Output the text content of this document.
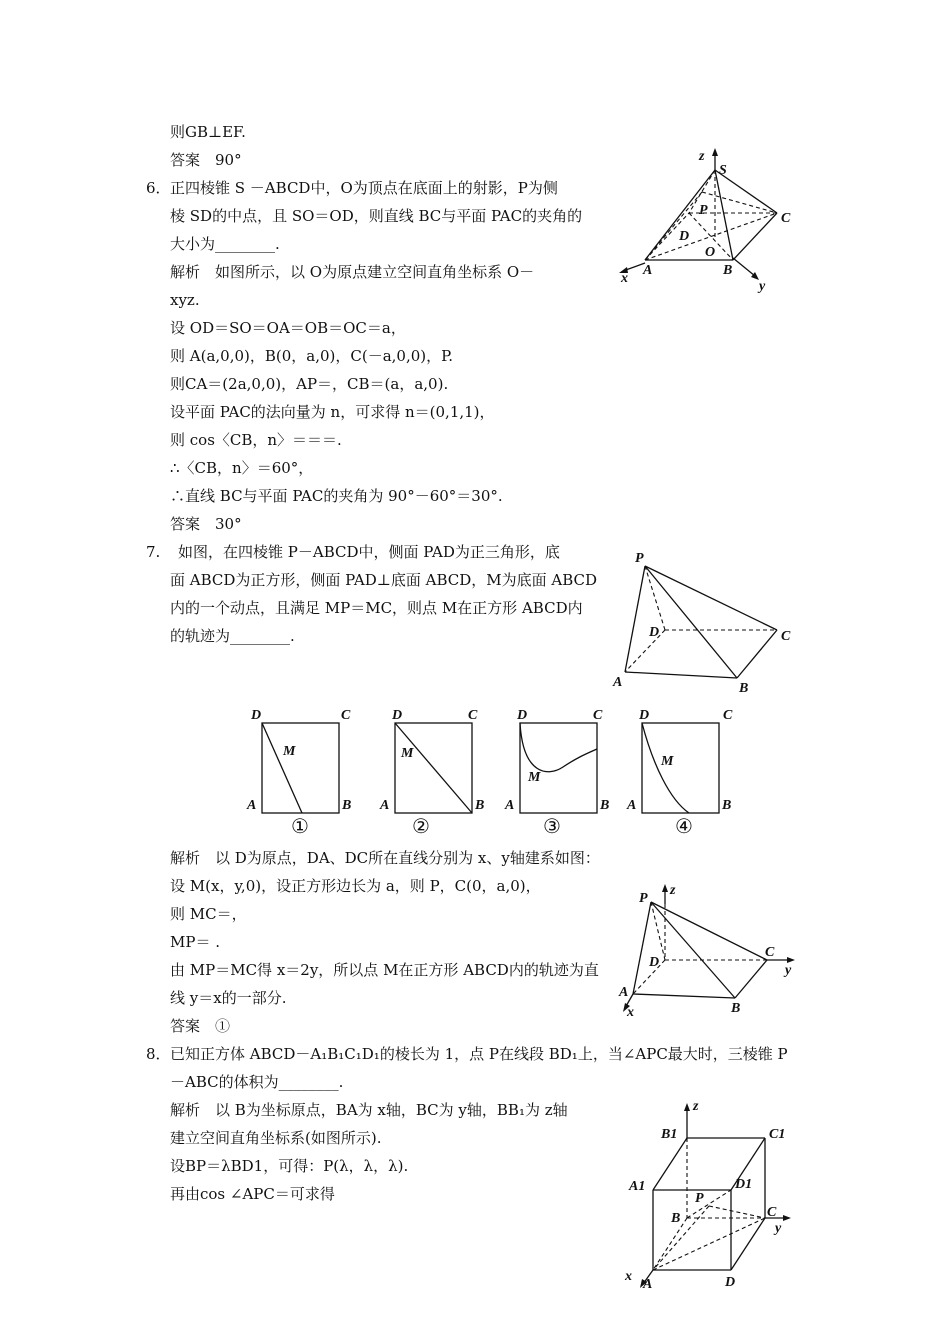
则GB⊥EF.
答案　90°
6． 正四棱锥 S －ABCD中，O为顶点在底面上的射影，P为侧
棱 SD的中点，且 SO＝OD，则直线 BC与平面 PAC的夹角的
大小为________.
解析　如图所示，以 O为原点建立空间直角坐标系 O－
xyz.
设 OD＝SO＝OA＝OB＝OC＝a，
则 A(a,0,0)，B(0，a,0)，C(－a,0,0)，P.
则CA＝(2a,0,0)，AP＝，CB＝(a，a,0).
设平面 PAC的法向量为 n，可求得 n＝(0,1,1)，
则 cos〈CB，n〉＝＝＝.
∴〈CB，n〉＝60°，
∴直线 BC与平面 PAC的夹角为 90°－60°＝30°.
答案　30°
z
S
P
C
D
O
A	B
x
y
7. 如图，在四棱锥 P－ABCD中，侧面 PAD为正三角形，底
面 ABCD为正方形，侧面 PAD⊥底面 ABCD，M为底面 ABCD
内的一个动点，且满足 MP＝MC，则点 M在正方形 ABCD内
的轨迹为________.
P
D	C
A	B
D	C
M
A	B
①
D	C
M
A	B
②
D	C
M
A	B
③
D	C
M
A	B
④
解析　以 D为原点，DA、DC所在直线分别为 x、y轴建系如图：
设 M(x，y,0)，设正方形边长为 a，则 P，C(0，a,0)，
则 MC＝，
MP＝ .
由 MP＝MC得 x＝2y，所以点 M在正方形 ABCD内的轨迹为直
线 y＝x的一部分.
答案　①
P
z
D
C
y
A
x	B
8． 已知正方体 ABCD－A₁B₁C₁D₁的棱长为 1，点 P在线段 BD₁上，当∠APC最大时，三棱锥 P
－ABC的体积为________.
解析　以 B为坐标原点，BA为 x轴，BC为 y轴，BB₁为 z轴
建立空间直角坐标系(如图所示).
设BP＝λBD1，可得：P(λ，λ，λ).
再由cos ∠APC＝可求得
z
B1	C1
A1	D1
P
B	C
y
x
A	D
